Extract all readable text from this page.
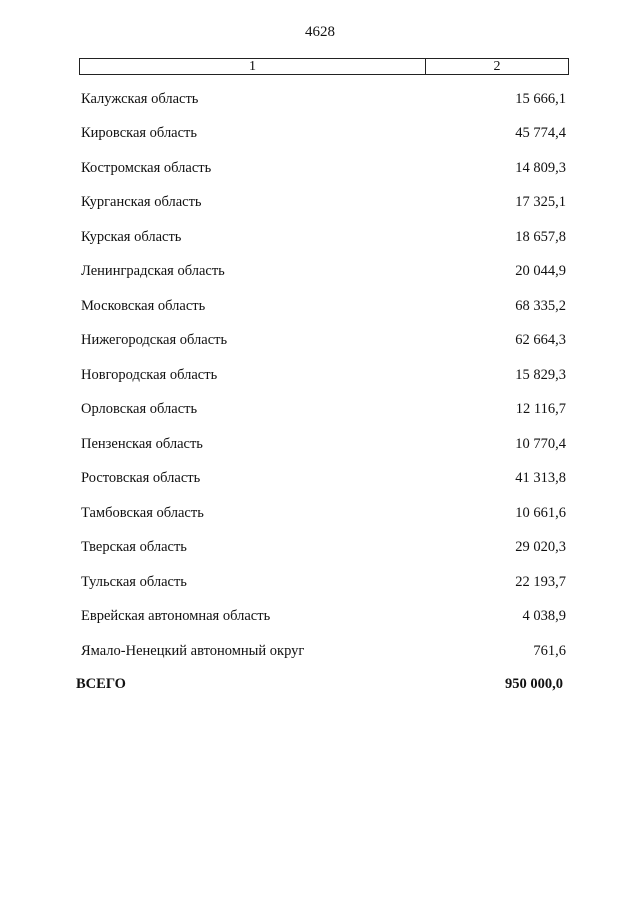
4628
1	2
Калужская область	15 666,1
Кировская область	45 774,4
Костромская область	14 809,3
Курганская область	17 325,1
Курская область	18 657,8
Ленинградская область	20 044,9
Московская область	68 335,2
Нижегородская область	62 664,3
Новгородская область	15 829,3
Орловская область	12 116,7
Пензенская область	10 770,4
Ростовская область	41 313,8
Тамбовская область	10 661,6
Тверская область	29 020,3
Тульская область	22 193,7
Еврейская автономная область	4 038,9
Ямало-Ненецкий автономный округ	761,6
ВСЕГО	950 000,0
